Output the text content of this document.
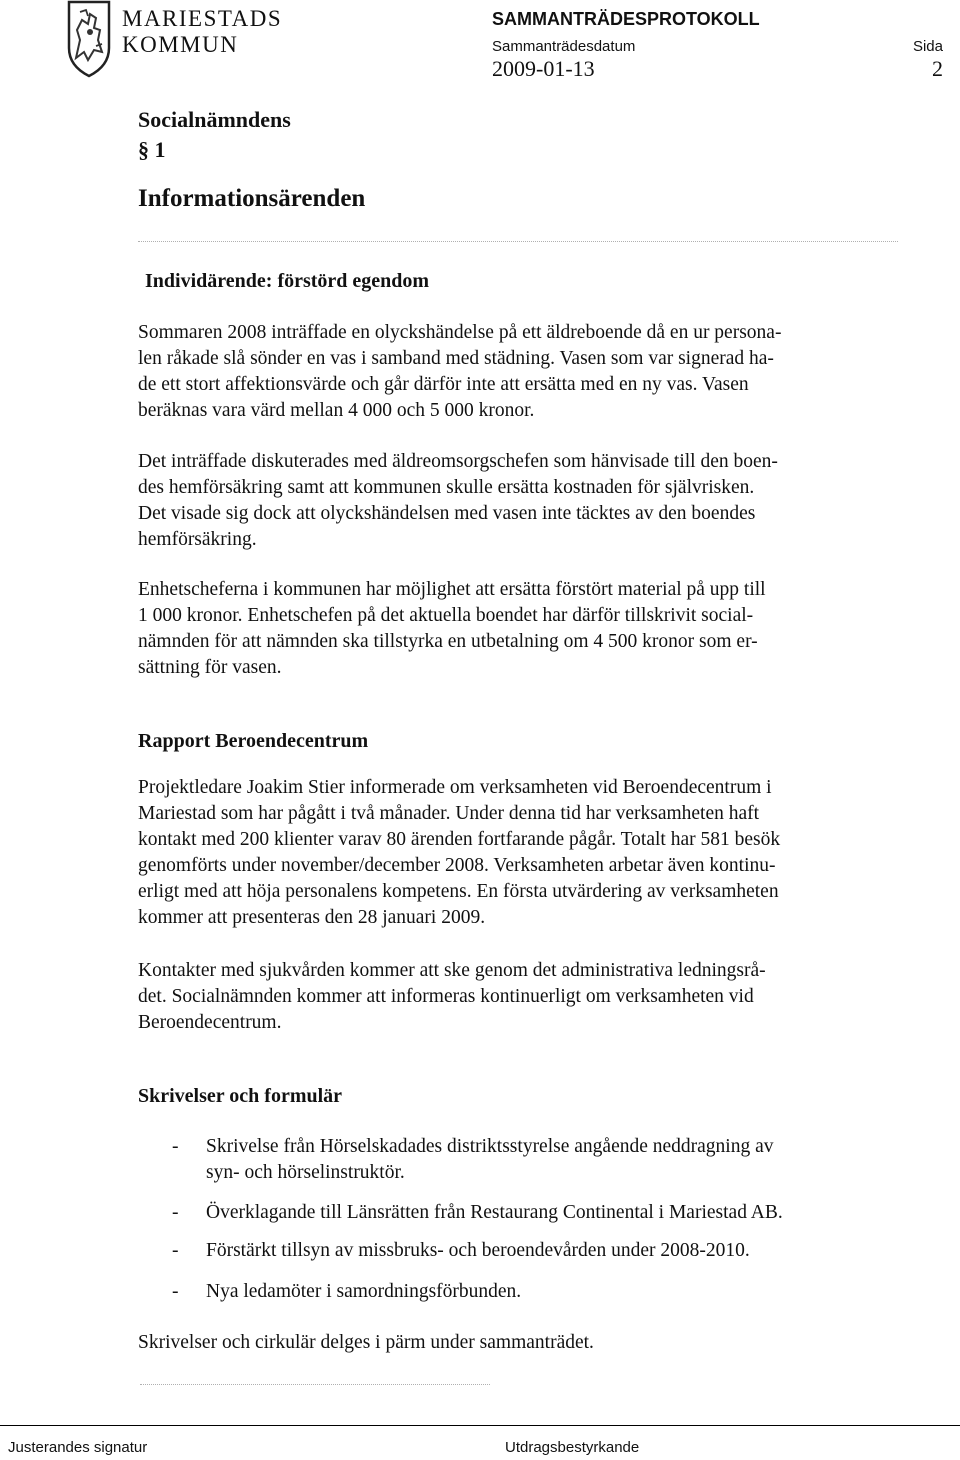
MARIESTADS
KOMMUN
SAMMANTRÄDESPROTOKOLL
Sammanträdesdatum	Sida
2009-01-13	2
Socialnämndens
§ 1
Informationsärenden
Individärende: förstörd egendom
Sommaren 2008 inträffade en olyckshändelse på ett äldreboende då en ur persona-
len råkade slå sönder en vas i samband med städning. Vasen som var signerad ha-
de ett stort affektionsvärde och går därför inte att ersätta med en ny vas. Vasen
beräknas vara värd mellan 4 000 och 5 000 kronor.
Det inträffade diskuterades med äldreomsorgschefen som hänvisade till den boen-
des hemförsäkring samt att kommunen skulle ersätta kostnaden för självrisken.
Det visade sig dock att olyckshändelsen med vasen inte täcktes av den boendes
hemförsäkring.
Enhetscheferna i kommunen har möjlighet att ersätta förstört material på upp till
1 000 kronor. Enhetschefen på det aktuella boendet har därför tillskrivit social-
nämnden för att nämnden ska tillstyrka en utbetalning om 4 500 kronor som er-
sättning för vasen.
Rapport Beroendecentrum
Projektledare Joakim Stier informerade om verksamheten vid Beroendecentrum i
Mariestad som har pågått i två månader. Under denna tid har verksamheten haft
kontakt med 200 klienter varav 80 ärenden fortfarande pågår. Totalt har 581 besök
genomförts under november/december 2008. Verksamheten arbetar även kontinu-
erligt med att höja personalens kompetens. En första utvärdering av verksamheten
kommer att presenteras den 28 januari 2009.
Kontakter med sjukvården kommer att ske genom det administrativa ledningsrå-
det. Socialnämnden kommer att informeras kontinuerligt om verksamheten vid
Beroendecentrum.
Skrivelser och formulär
- Skrivelse från Hörselskadades distriktsstyrelse angående neddragning av
syn- och hörselinstruktör.
- Överklagande till Länsrätten från Restaurang Continental i Mariestad AB.
- Förstärkt tillsyn av missbruks- och beroendevården under 2008-2010.
- Nya ledamöter i samordningsförbunden.
Skrivelser och cirkulär delges i pärm under sammanträdet.
Justerandes signatur	Utdragsbestyrkande
